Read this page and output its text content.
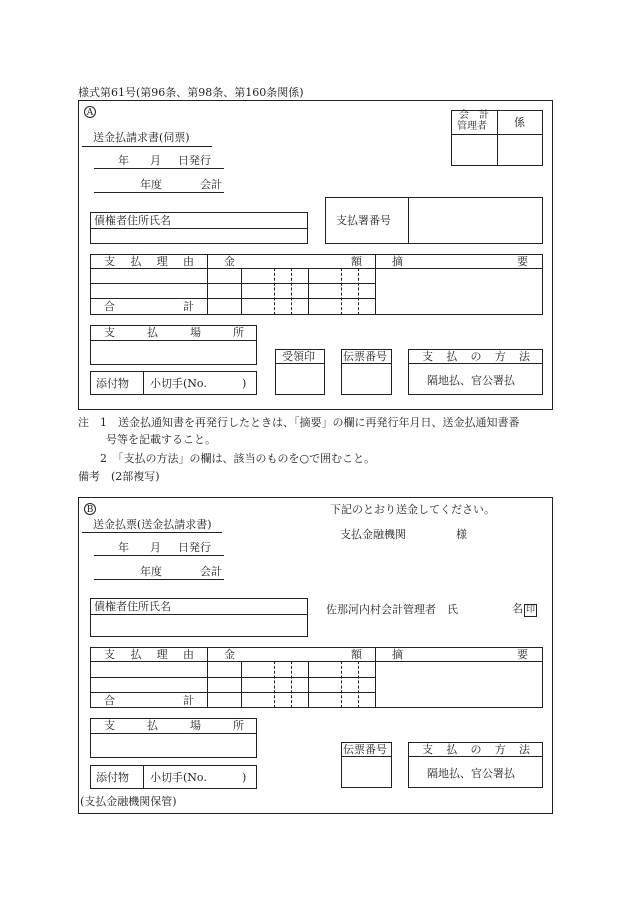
様式第61号(第96条、第98条、第160条関係)
A
送金払請求書(伺票)
年 月 日発行
年度	会計
会　計
管理者 係
債権者住所氏名	支払署番号
支 払 理 由	金	額	摘	要
合	計
支	払	場	所
添付物 小切手(No.	)
受領印	伝票番号	支 払 の 方 法
隔地払、官公署払
注　1　送金払通知書を再発行したときは、「摘要」の欄に再発行年月日、送金払通知書番
号等を記載すること。
2　「支払の方法」の欄は、該当のものを○で囲むこと。
備考　(2部複写)
B
送金払票(送金払請求書)
下記のとおり送金してください。
支払金融機関	様
年 月 日発行
年度	会計
債権者住所氏名	佐那河内村会計管理者　氏	名 印
支 払 理 由	金	額	摘	要
合	計
支	払	場	所
添付物 小切手(No.	)
伝票番号	支 払 の 方 法
隔地払、官公署払
(支払金融機関保管)
